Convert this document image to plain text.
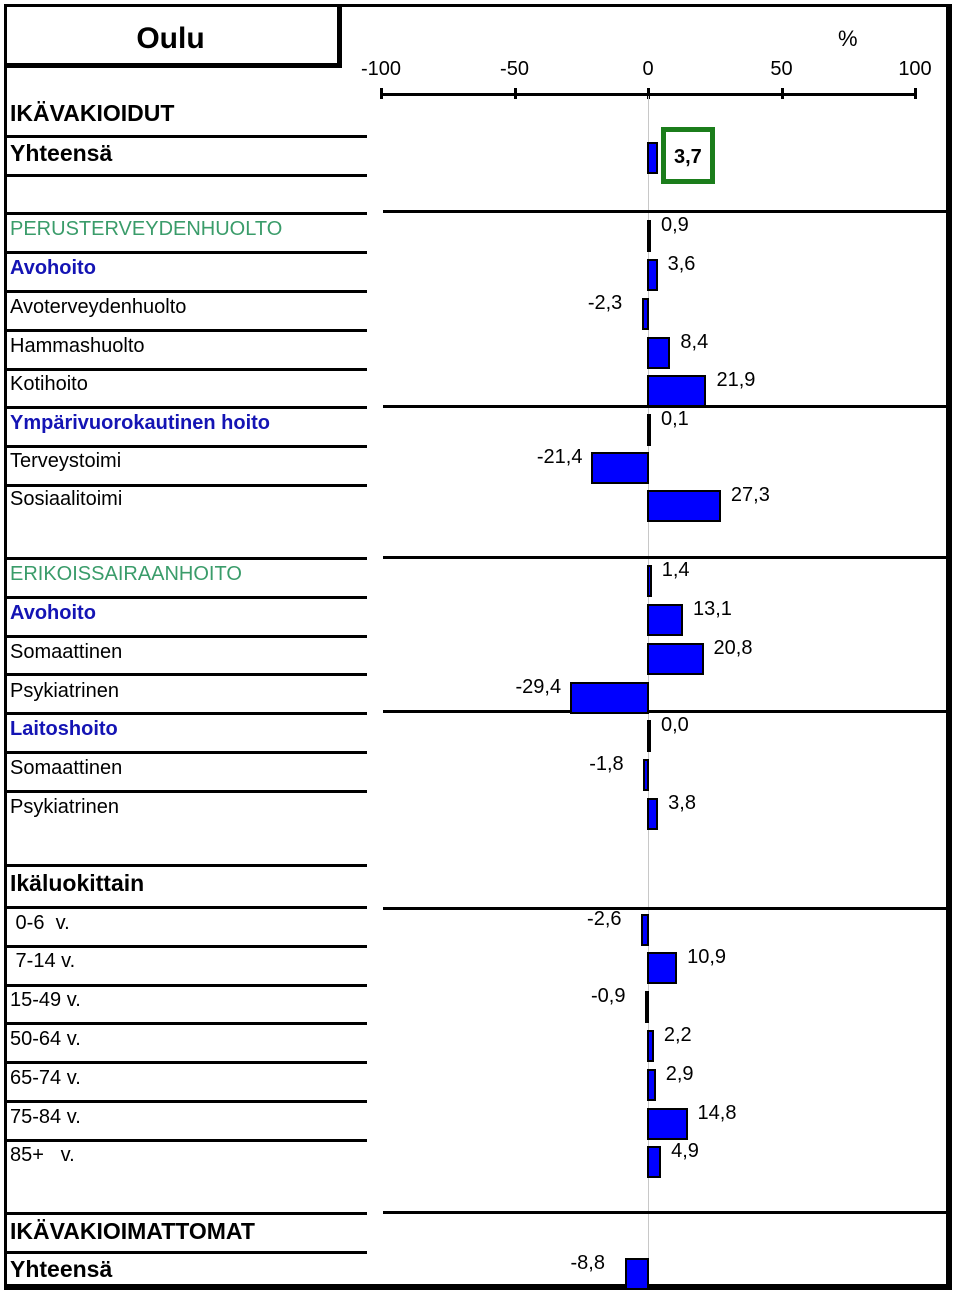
Oulu	%
-100	-50	0	50	100
IKÄVAKIOIDUT
Yhteensä	3,7
PERUSTERVEYDENHUOLTO	0,9
Avohoito	3,6
Avoterveydenhuolto	-2,3
Hammashuolto	8,4
Kotihoito	21,9
Ympärivuorokautinen hoito	0,1
Terveystoimi	-21,4
Sosiaalitoimi	27,3
ERIKOISSAIRAANHOITO	1,4
Avohoito	13,1
Somaattinen	20,8
Psykiatrinen	-29,4
Laitoshoito	0,0
Somaattinen	-1,8
Psykiatrinen	3,8
Ikäluokittain
0-6  v.	-2,6
7-14 v.	10,9
15-49 v.	-0,9
50-64 v.	2,2
65-74 v.	2,9
75-84 v.	14,8
85+   v.	4,9
IKÄVAKIOIMATTOMAT
Yhteensä	-8,8
